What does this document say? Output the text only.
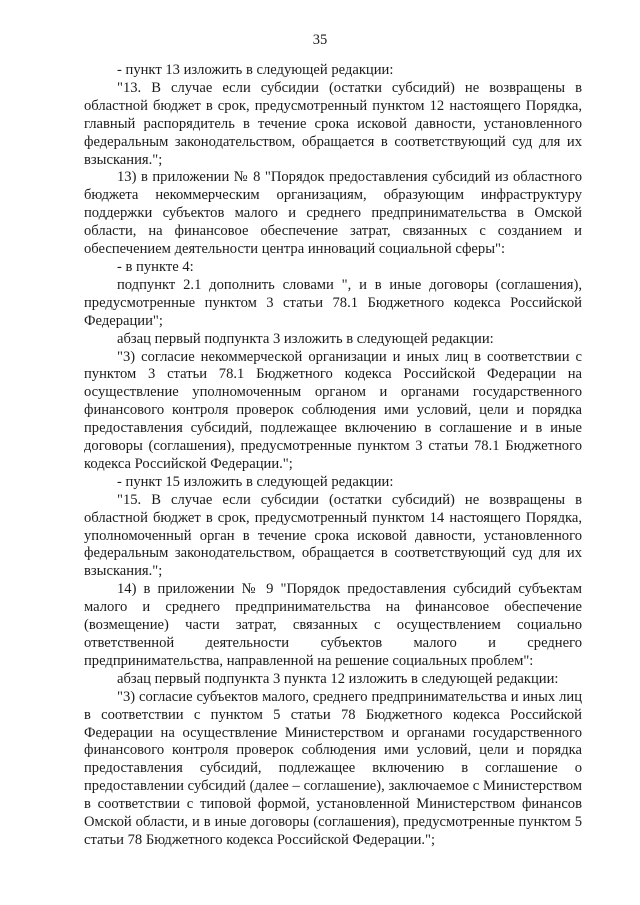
35

- пункт 13 изложить в следующей редакции:

"13. В случае если субсидии (остатки субсидий) не возвращены в областной бюджет в срок, предусмотренный пунктом 12 настоящего Порядка, главный распорядитель в течение срока исковой давности, установленного федеральным законодательством, обращается в соответствующий суд для их взыскания.";

13) в приложении № 8 "Порядок предоставления субсидий из областного бюджета некоммерческим организациям, образующим инфраструктуру поддержки субъектов малого и среднего предпринимательства в Омской области, на финансовое обеспечение затрат, связанных с созданием и обеспечением деятельности центра инноваций социальной сферы":

- в пункте 4:

подпункт 2.1 дополнить словами ", и в иные договоры (соглашения), предусмотренные пунктом 3 статьи 78.1 Бюджетного кодекса Российской Федерации";

абзац первый подпункта 3 изложить в следующей редакции:

"3) согласие некоммерческой организации и иных лиц в соответствии с пунктом 3 статьи 78.1 Бюджетного кодекса Российской Федерации на осуществление уполномоченным органом и органами государственного финансового контроля проверок соблюдения ими условий, цели и порядка предоставления субсидий, подлежащее включению в соглашение и в иные договоры (соглашения), предусмотренные пунктом 3 статьи 78.1 Бюджетного кодекса Российской Федерации.";

- пункт 15 изложить в следующей редакции:

"15. В случае если субсидии (остатки субсидий) не возвращены в областной бюджет в срок, предусмотренный пунктом 14 настоящего Порядка, уполномоченный орган в течение срока исковой давности, установленного федеральным законодательством, обращается в соответствующий суд для их взыскания.";

14) в приложении № 9 "Порядок предоставления субсидий субъектам малого и среднего предпринимательства на финансовое обеспечение (возмещение) части затрат, связанных с осуществлением социально ответственной деятельности субъектов малого и среднего предпринимательства, направленной на решение социальных проблем":

абзац первый подпункта 3 пункта 12 изложить в следующей редакции:

"3) согласие субъектов малого, среднего предпринимательства и иных лиц в соответствии с пунктом 5 статьи 78 Бюджетного кодекса Российской Федерации на осуществление Министерством и органами государственного финансового контроля проверок соблюдения ими условий, цели и порядка предоставления субсидий, подлежащее включению в соглашение о предоставлении субсидий (далее – соглашение), заключаемое с Министерством в соответствии с типовой формой, установленной Министерством финансов Омской области, и в иные договоры (соглашения), предусмотренные пунктом 5 статьи 78 Бюджетного кодекса Российской Федерации.";
